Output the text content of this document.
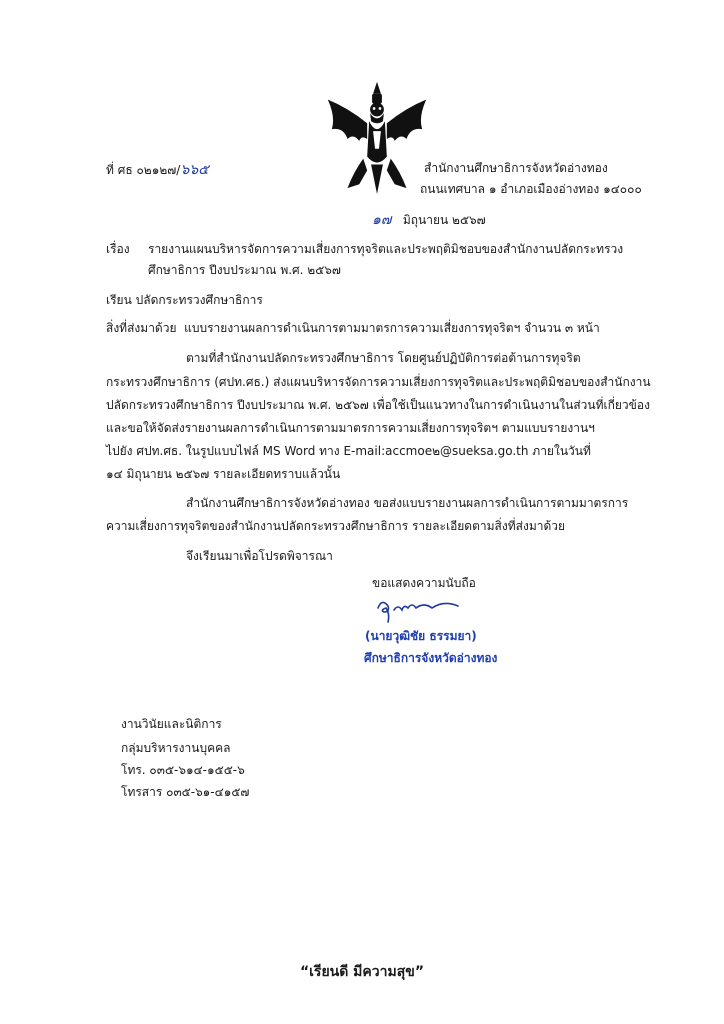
ที่ ศธ ๐๒๑๒๗/๖๖๕	สำนักงานศึกษาธิการจังหวัดอ่างทอง
ถนนเทศบาล ๑ อำเภอเมืองอ่างทอง ๑๔๐๐๐
๑๗ มิถุนายน ๒๕๖๗
เรื่อง รายงานแผนบริหารจัดการความเสี่ยงการทุจริตและประพฤติมิชอบของสำนักงานปลัดกระทรวง
ศึกษาธิการ ปีงบประมาณ พ.ศ. ๒๕๖๗
เรียน ปลัดกระทรวงศึกษาธิการ
สิ่งที่ส่งมาด้วย แบบรายงานผลการดำเนินการตามมาตรการความเสี่ยงการทุจริตฯ จำนวน ๓ หน้า
ตามที่สำนักงานปลัดกระทรวงศึกษาธิการ โดยศูนย์ปฏิบัติการต่อต้านการทุจริต
กระทรวงศึกษาธิการ (ศปท.ศธ.) ส่งแผนบริหารจัดการความเสี่ยงการทุจริตและประพฤติมิชอบของสำนักงาน
ปลัดกระทรวงศึกษาธิการ ปีงบประมาณ พ.ศ. ๒๕๖๗ เพื่อใช้เป็นแนวทางในการดำเนินงานในส่วนที่เกี่ยวข้อง
และขอให้จัดส่งรายงานผลการดำเนินการตามมาตรการความเสี่ยงการทุจริตฯ ตามแบบรายงานฯ
ไปยัง ศปท.ศธ. ในรูปแบบไฟล์ MS Word ทาง E-mail:accmoe๒@sueksa.go.th ภายในวันที่
๑๔ มิถุนายน ๒๕๖๗ รายละเอียดทราบแล้วนั้น
สำนักงานศึกษาธิการจังหวัดอ่างทอง ขอส่งแบบรายงานผลการดำเนินการตามมาตรการ
ความเสี่ยงการทุจริตของสำนักงานปลัดกระทรวงศึกษาธิการ รายละเอียดตามสิ่งที่ส่งมาด้วย
จึงเรียนมาเพื่อโปรดพิจารณา
ขอแสดงความนับถือ
(นายวุฒิชัย ธรรมยา)
ศึกษาธิการจังหวัดอ่างทอง
งานวินัยและนิติการ
กลุ่มบริหารงานบุคคล
โทร. ๐๓๕-๖๑๔-๑๕๕-๖
โทรสาร ๐๓๕-๖๑-๔๑๕๗
“เรียนดี มีความสุข”
